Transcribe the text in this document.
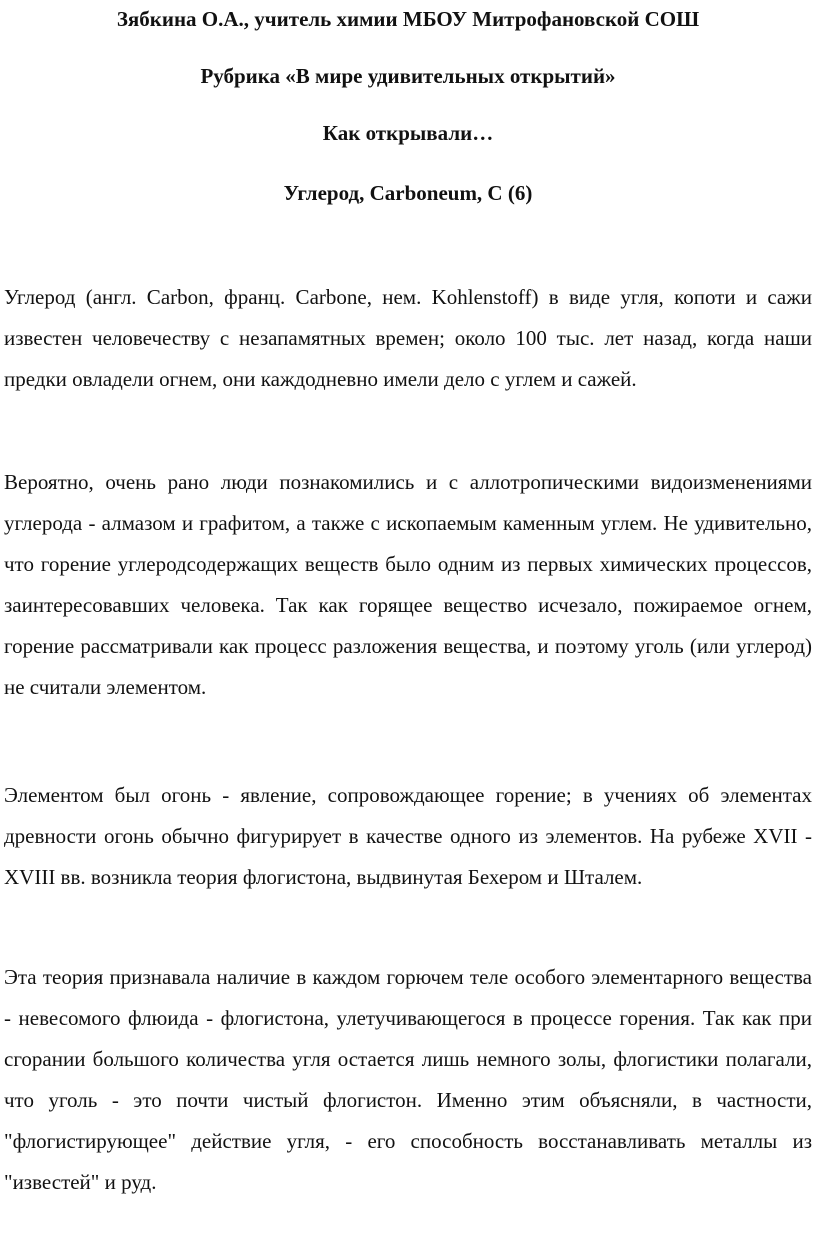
Зябкина О.А., учитель химии МБОУ Митрофановской СОШ
Рубрика «В мире удивительных открытий»
Как открывали…
Углерод, Carboneum, C (6)

Углерод (англ. Carbon, франц. Carbone, нем. Kohlenstoff) в виде угля, копоти и сажи известен человечеству с незапамятных времен; около 100 тыс. лет назад, когда наши предки овладели огнем, они каждодневно имели дело с углем и сажей.

Вероятно, очень рано люди познакомились и с аллотропическими видоизменениями углерода - алмазом и графитом, а также с ископаемым каменным углем. Не удивительно, что горение углеродсодержащих веществ было одним из первых химических процессов, заинтересовавших человека. Так как горящее вещество исчезало, пожираемое огнем, горение рассматривали как процесс разложения вещества, и поэтому уголь (или углерод) не считали элементом.

Элементом был огонь - явление, сопровождающее горение; в учениях об элементах древности огонь обычно фигурирует в качестве одного из элементов. На рубеже XVII - XVIII вв. возникла теория флогистона, выдвинутая Бехером и Шталем.

Эта теория признавала наличие в каждом горючем теле особого элементарного вещества - невесомого флюида - флогистона, улетучивающегося в процессе горения. Так как при сгорании большого количества угля остается лишь немного золы, флогистики полагали, что уголь - это почти чистый флогистон. Именно этим объясняли, в частности, "флогистирующее" действие угля, - его способность восстанавливать металлы из "известей" и руд.
